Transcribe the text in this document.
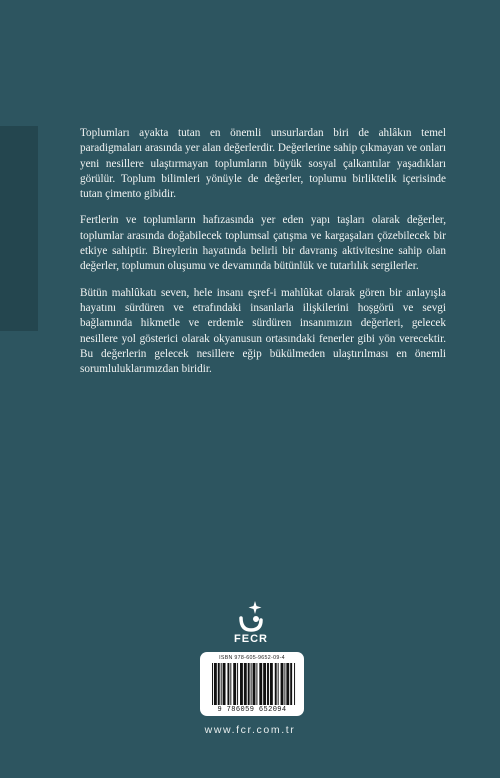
Toplumları ayakta tutan en önemli unsurlardan biri de ahlâkın temel paradigmaları arasında yer alan değerlerdir. Değerlerine sahip çıkmayan ve onları yeni nesillere ulaştırmayan toplumların büyük sosyal çalkantılar yaşadıkları görülür. Toplum bilimleri yönüyle de değerler, toplumu birliktelik içerisinde tutan çimento gibidir.

Fertlerin ve toplumların hafızasında yer eden yapı taşları olarak değerler, toplumlar arasında doğabilecek toplumsal çatışma ve kargaşaları çözebilecek bir etkiye sahiptir. Bireylerin hayatında belirli bir davranış aktivitesine sahip olan değerler, toplumun oluşumu ve devamında bütünlük ve tutarlılık sergilerler.

Bütün mahlûkatı seven, hele insanı eşref-i mahlûkat olarak gören bir anlayışla hayatını sürdüren ve etrafındaki insanlarla ilişkilerini hoşgörü ve sevgi bağlamında hikmetle ve erdemle sürdüren insanımızın değerleri, gelecek nesillere yol gösterici olarak okyanusun ortasındaki fenerler gibi yön verecektir. Bu değerlerin gelecek nesillere eğip bükülmeden ulaştırılması en önemli sorumluluklarımızdan biridir.

FECR
ISBN 978-605-9652-09-4
9 786059 652094
www.fcr.com.tr
